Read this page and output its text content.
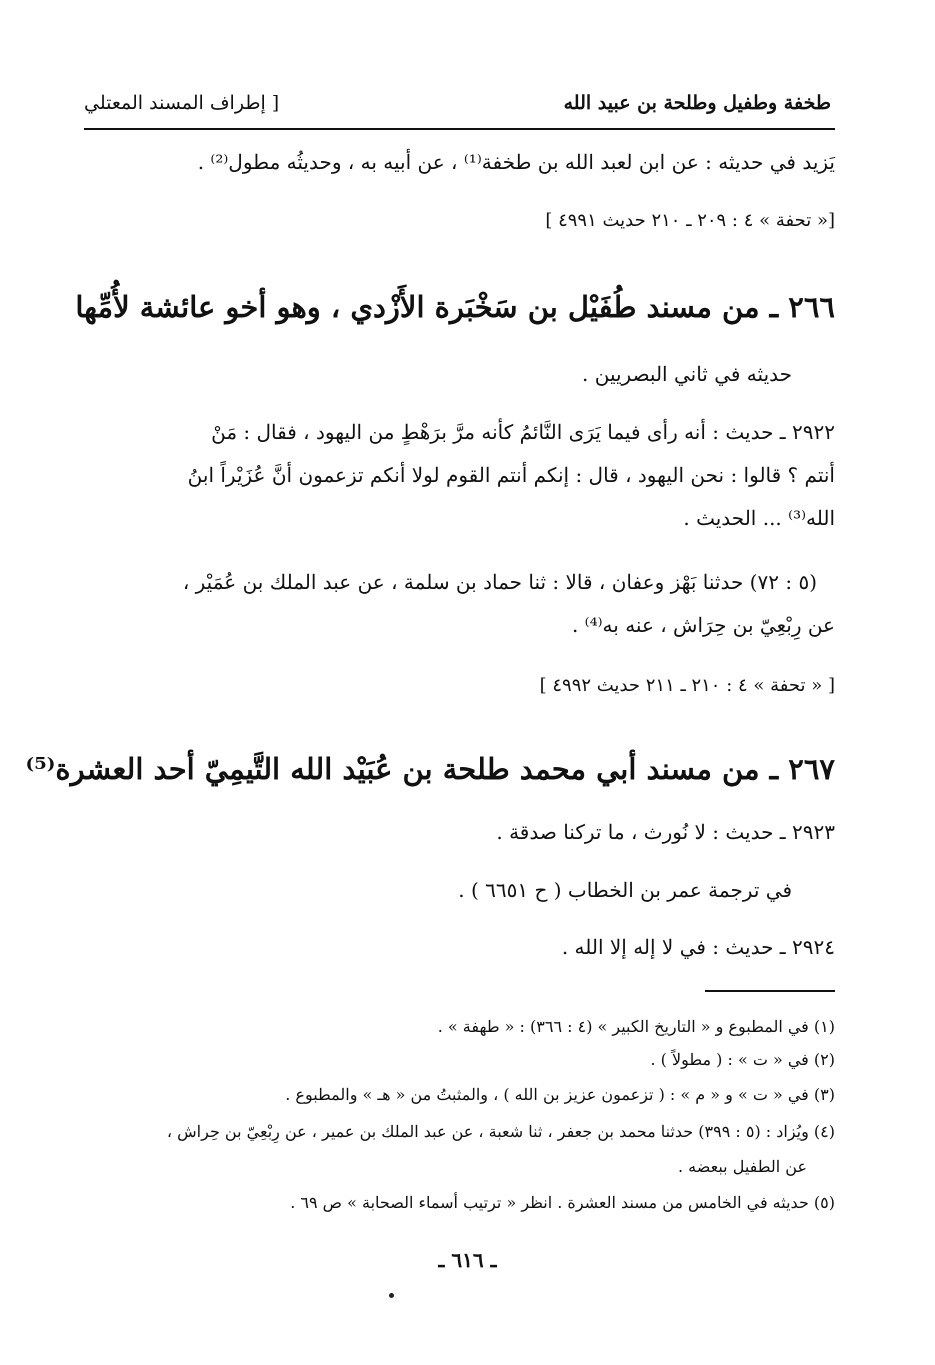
طخفة وطفيل وطلحة بن عبيد الله
[ إطراف المسند المعتلي
يَزيد في حديثه : عن ابن لعبد الله بن طخفة⁽¹⁾ ، عن أبيه به ، وحديثُه مطول⁽²⁾ .
[« تحفة » ٤ : ٢٠٩ ـ ٢١٠ حديث ٤٩٩١ ]
٢٦٦ ـ من مسند طُفَيْل بن سَخْبَرة الأَزْدي ، وهو أخو عائشة لأُمِّها
حديثه في ثاني البصريين .
٢٩٢٢ ـ حديث : أنه رأى فيما يَرَى النَّائمُ كأنه مرَّ برَهْطٍ من اليهود ، فقال : مَنْ
أنتم ؟ قالوا : نحن اليهود ، قال : إنكم أنتم القوم لولا أنكم تزعمون أنَّ عُزَيْراً ابنُ
الله⁽³⁾ ... الحديث .
(٥ : ٧٢) حدثنا بَهْز وعفان ، قالا : ثنا حماد بن سلمة ، عن عبد الملك بن عُمَيْر ،
عن رِبْعِيّ بن حِرَاش ، عنه به⁽⁴⁾ .
[ « تحفة » ٤ : ٢١٠ ـ ٢١١ حديث ٤٩٩٢ ]
٢٦٧ ـ من مسند أبي محمد طلحة بن عُبَيْد الله التَّيمِيّ أحد العشرة⁽⁵⁾
٢٩٢٣ ـ حديث : لا نُورث ، ما تركنا صدقة .
في ترجمة عمر بن الخطاب ( ح ٦٦٥١ ) .
٢٩٢٤ ـ حديث : في لا إله إلا الله .
(١) في المطبوع و « التاريخ الكبير » (٤ : ٣٦٦) : « طهفة » .
(٢) في « ت » : ( مطولاً ) .
(٣) في « ت » و « م » : ( تزعمون عزيز بن الله ) ، والمثبتُ من « هـ » والمطبوع .
(٤) ويُزاد : (٥ : ٣٩٩) حدثنا محمد بن جعفر ، ثنا شعبة ، عن عبد الملك بن عمير ، عن رِبْعِيّ بن حِراش ،
عن الطفيل ببعضه .
(٥) حديثه في الخامس من مسند العشرة . انظر « ترتيب أسماء الصحابة » ص ٦٩ .
ـ ٦١٦ ـ
